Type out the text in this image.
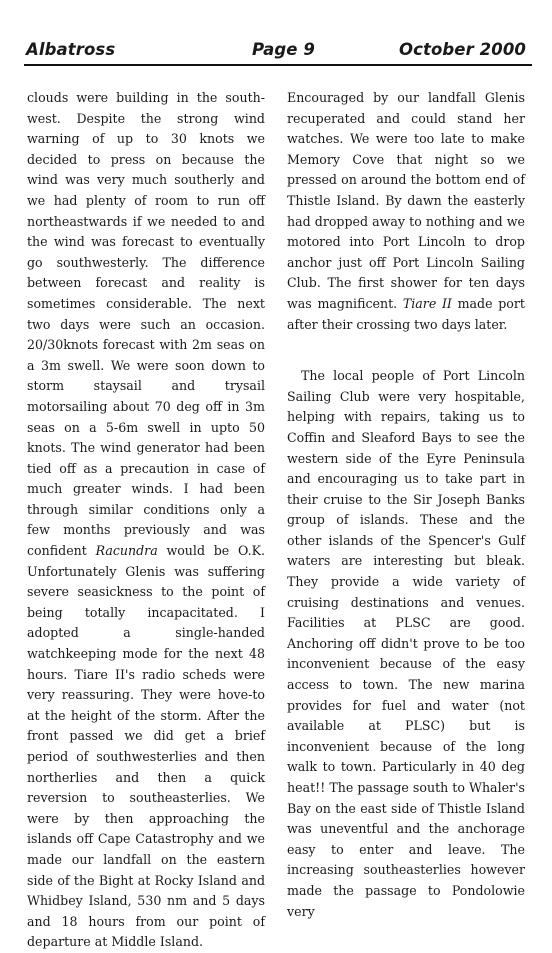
Albatross	Page 9	October 2000

clouds were building in the south-west. Despite the strong wind warning of up to 30 knots we decided to press on because the wind was very much southerly and we had plenty of room to run off northeastwards if we needed to and the wind was forecast to eventually go southwesterly. The difference between forecast and reality is sometimes considerable. The next two days were such an occasion. 20/30knots forecast with 2m seas on a 3m swell. We were soon down to storm staysail and trysail motorsailing about 70 deg off in 3m seas on a 5-6m swell in upto 50 knots. The wind generator had been tied off as a precaution in case of much greater winds. I had been through similar conditions only a few months previously and was confident Racundra would be O.K. Unfortunately Glenis was suffering severe seasickness to the point of being totally incapacitated. I adopted a single-handed watchkeeping mode for the next 48 hours. Tiare II's radio scheds were very reassuring. They were hove-to at the height of the storm. After the front passed we did get a brief period of southwesterlies and then northerlies and then a quick reversion to southeasterlies. We were by then approaching the islands off Cape Catastrophy and we made our landfall on the eastern side of the Bight at Rocky Island and Whidbey Island, 530 nm and 5 days and 18 hours from our point of departure at Middle Island.

Encouraged by our landfall Glenis recuperated and could stand her watches. We were too late to make Memory Cove that night so we pressed on around the bottom end of Thistle Island. By dawn the easterly had dropped away to nothing and we motored into Port Lincoln to drop anchor just off Port Lincoln Sailing Club. The first shower for ten days was magnificent. Tiare II made port after their crossing two days later.

The local people of Port Lincoln Sailing Club were very hospitable, helping with repairs, taking us to Coffin and Sleaford Bays to see the western side of the Eyre Peninsula and encouraging us to take part in their cruise to the Sir Joseph Banks group of islands. These and the other islands of the Spencer's Gulf waters are interesting but bleak. They provide a wide variety of cruising destinations and venues. Facilities at PLSC are good. Anchoring off didn't prove to be too inconvenient because of the easy access to town. The new marina provides for fuel and water (not available at PLSC) but is inconvenient because of the long walk to town. Particularly in 40 deg heat!! The passage south to Whaler's Bay on the east side of Thistle Island was uneventful and the anchorage easy to enter and leave. The increasing southeasterlies however made the passage to Pondolowie very
